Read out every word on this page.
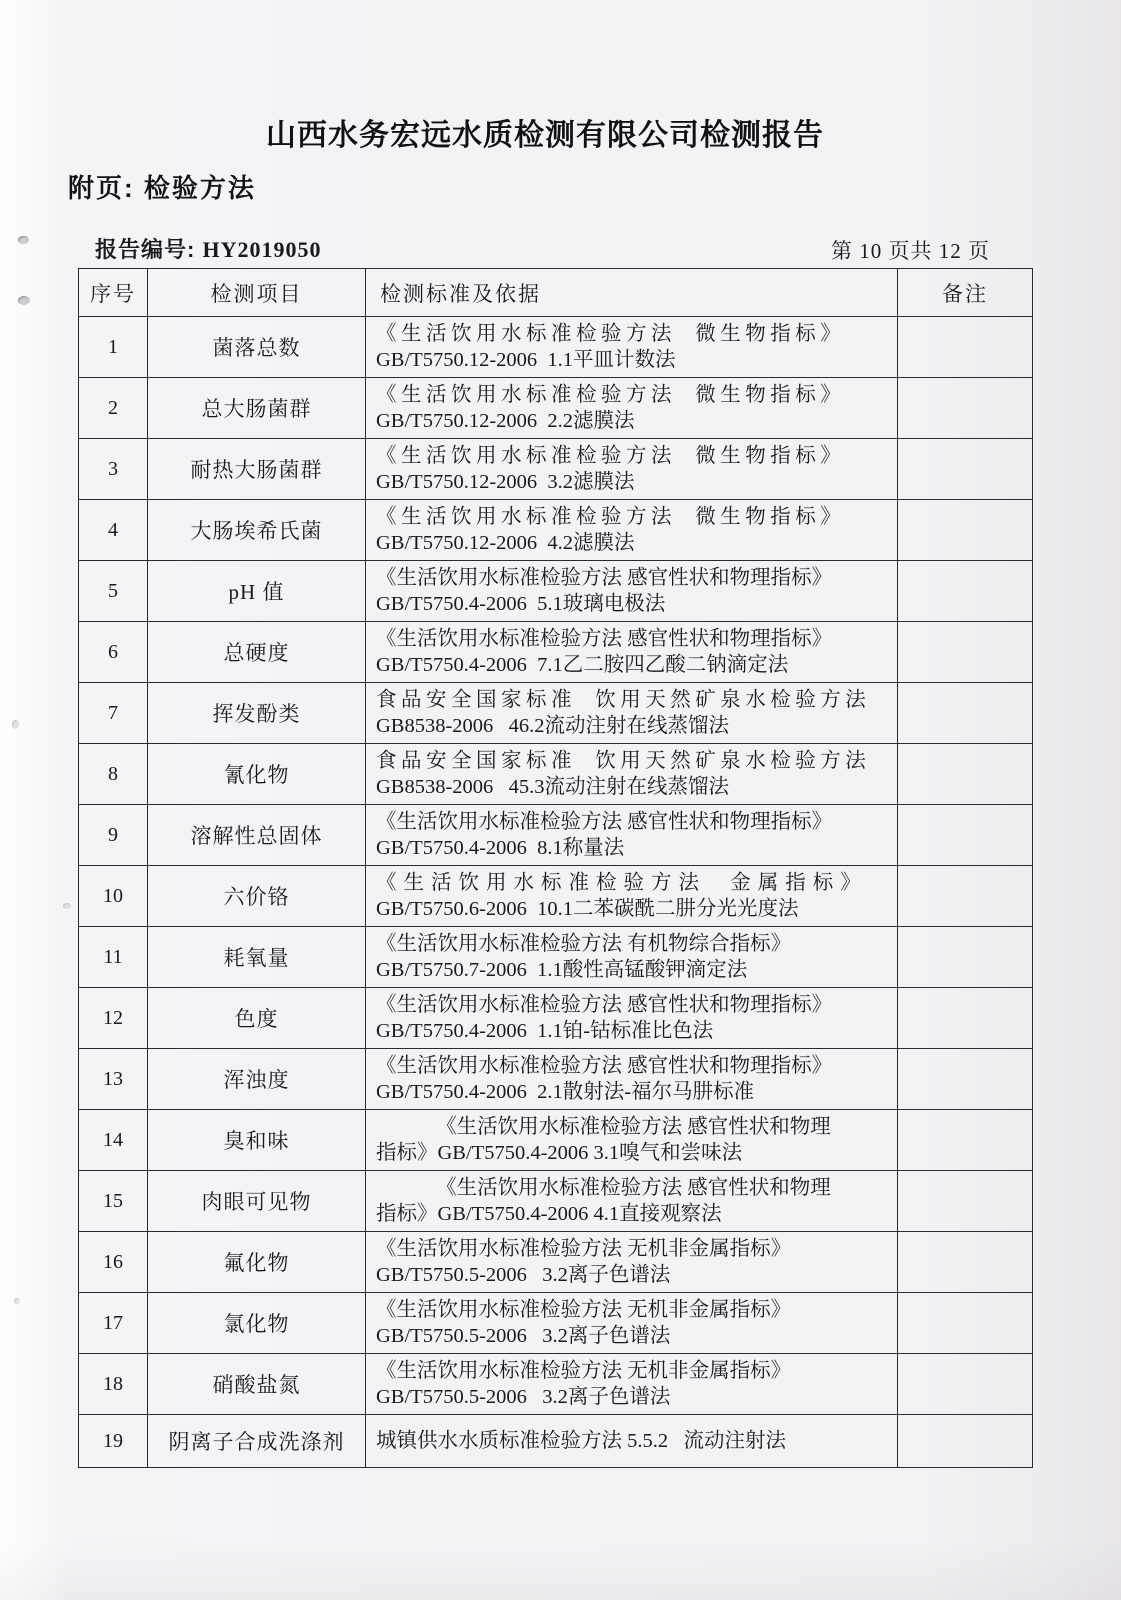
山西水务宏远水质检测有限公司检测报告
附页: 检验方法
报告编号: HY2019050	第 10 页共 12 页
序号	检测项目	检测标准及依据	备注
1	菌落总数	《生活饮用水标准检验方法  微生物指标》
GB/T5750.12-2006  1.1平皿计数法	

2	总大肠菌群	《生活饮用水标准检验方法  微生物指标》
GB/T5750.12-2006  2.2滤膜法	

3	耐热大肠菌群	《生活饮用水标准检验方法  微生物指标》
GB/T5750.12-2006  3.2滤膜法	

4	大肠埃希氏菌	《生活饮用水标准检验方法  微生物指标》
GB/T5750.12-2006  4.2滤膜法	

5	pH 值	《生活饮用水标准检验方法 感官性状和物理指标》
GB/T5750.4-2006  5.1玻璃电极法	

6	总硬度	《生活饮用水标准检验方法 感官性状和物理指标》
GB/T5750.4-2006  7.1乙二胺四乙酸二钠滴定法	

7	挥发酚类	食品安全国家标准  饮用天然矿泉水检验方法
GB8538-2006   46.2流动注射在线蒸馏法	

8	氰化物	食品安全国家标准  饮用天然矿泉水检验方法
GB8538-2006   45.3流动注射在线蒸馏法	

9	溶解性总固体	《生活饮用水标准检验方法 感官性状和物理指标》
GB/T5750.4-2006  8.1称量法	

10	六价铬	《生活饮用水标准检验方法  金属指标》
GB/T5750.6-2006  10.1二苯碳酰二肼分光光度法	

11	耗氧量	《生活饮用水标准检验方法 有机物综合指标》
GB/T5750.7-2006  1.1酸性高锰酸钾滴定法	

12	色度	《生活饮用水标准检验方法 感官性状和物理指标》
GB/T5750.4-2006  1.1铂-钴标准比色法	

13	浑浊度	《生活饮用水标准检验方法 感官性状和物理指标》
GB/T5750.4-2006  2.1散射法-福尔马肼标准	

14	臭和味	《生活饮用水标准检验方法 感官性状和物理
指标》GB/T5750.4-2006 3.1嗅气和尝味法	

15	肉眼可见物	《生活饮用水标准检验方法 感官性状和物理
指标》GB/T5750.4-2006 4.1直接观察法	

16	氟化物	《生活饮用水标准检验方法 无机非金属指标》
GB/T5750.5-2006   3.2离子色谱法	

17	氯化物	《生活饮用水标准检验方法 无机非金属指标》
GB/T5750.5-2006   3.2离子色谱法	

18	硝酸盐氮	《生活饮用水标准检验方法 无机非金属指标》
GB/T5750.5-2006   3.2离子色谱法	

19	阴离子合成洗涤剂	城镇供水水质标准检验方法 5.5.2   流动注射法	
